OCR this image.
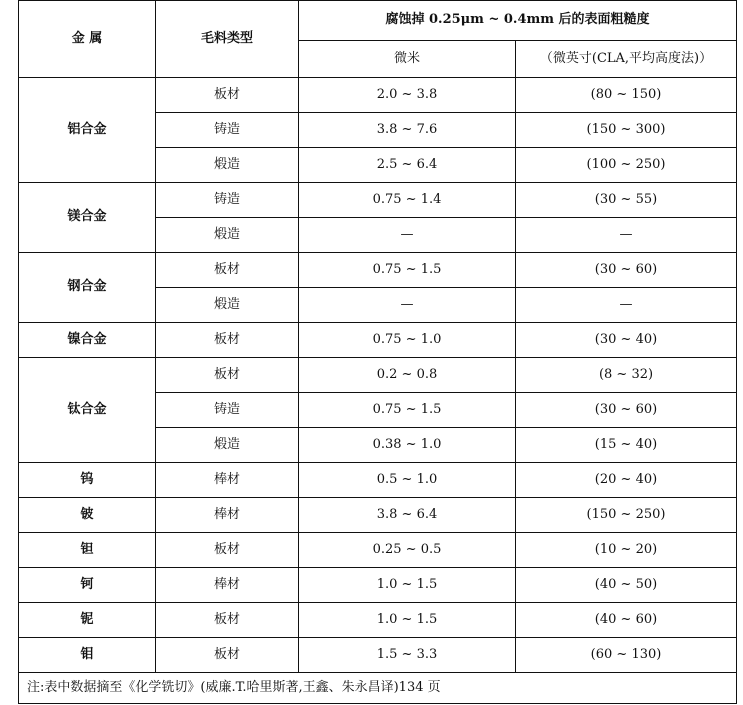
金 属	毛料类型	腐蚀掉 0.25μm ~ 0.4mm 后的表面粗糙度	
		微米	（微英寸(CLA,平均高度法)）
铝合金	板材	2.0 ~ 3.8	(80 ~ 150)
	铸造	3.8 ~ 7.6	(150 ~ 300)
	煅造	2.5 ~ 6.4	(100 ~ 250)
镁合金	铸造	0.75 ~ 1.4	(30 ~ 55)
	煅造	—	—
钢合金	板材	0.75 ~ 1.5	(30 ~ 60)
	煅造	—	—
镍合金	板材	0.75 ~ 1.0	(30 ~ 40)
钛合金	板材	0.2 ~ 0.8	(8 ~ 32)
	铸造	0.75 ~ 1.5	(30 ~ 60)
	煅造	0.38 ~ 1.0	(15 ~ 40)
钨	棒材	0.5 ~ 1.0	(20 ~ 40)
铍	棒材	3.8 ~ 6.4	(150 ~ 250)
钽	板材	0.25 ~ 0.5	(10 ~ 20)
钶	棒材	1.0 ~ 1.5	(40 ~ 50)
铌	板材	1.0 ~ 1.5	(40 ~ 60)
钼	板材	1.5 ~ 3.3	(60 ~ 130)
注:表中数据摘至《化学铣切》(威廉.T.哈里斯著,王鑫、朱永昌译)134 页			
